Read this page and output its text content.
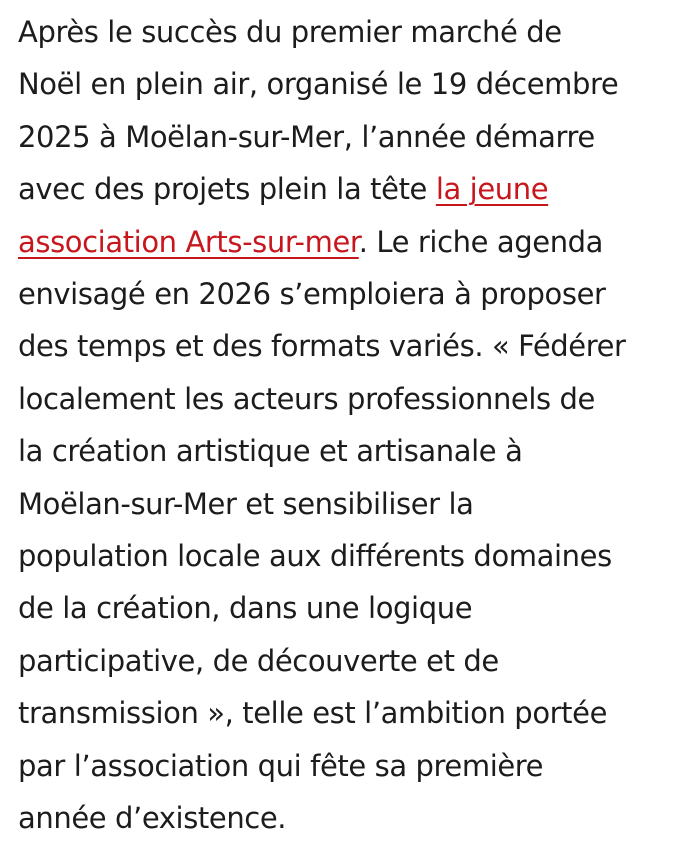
Après le succès du premier marché de
Noël en plein air, organisé le 19 décembre
2025 à Moëlan-sur-Mer, l’année démarre
avec des projets plein la tête la jeune
association Arts-sur-mer. Le riche agenda
envisagé en 2026 s’emploiera à proposer
des temps et des formats variés. « Fédérer
localement les acteurs professionnels de
la création artistique et artisanale à
Moëlan-sur-Mer et sensibiliser la
population locale aux différents domaines
de la création, dans une logique
participative, de découverte et de
transmission », telle est l’ambition portée
par l’association qui fête sa première
année d’existence.
